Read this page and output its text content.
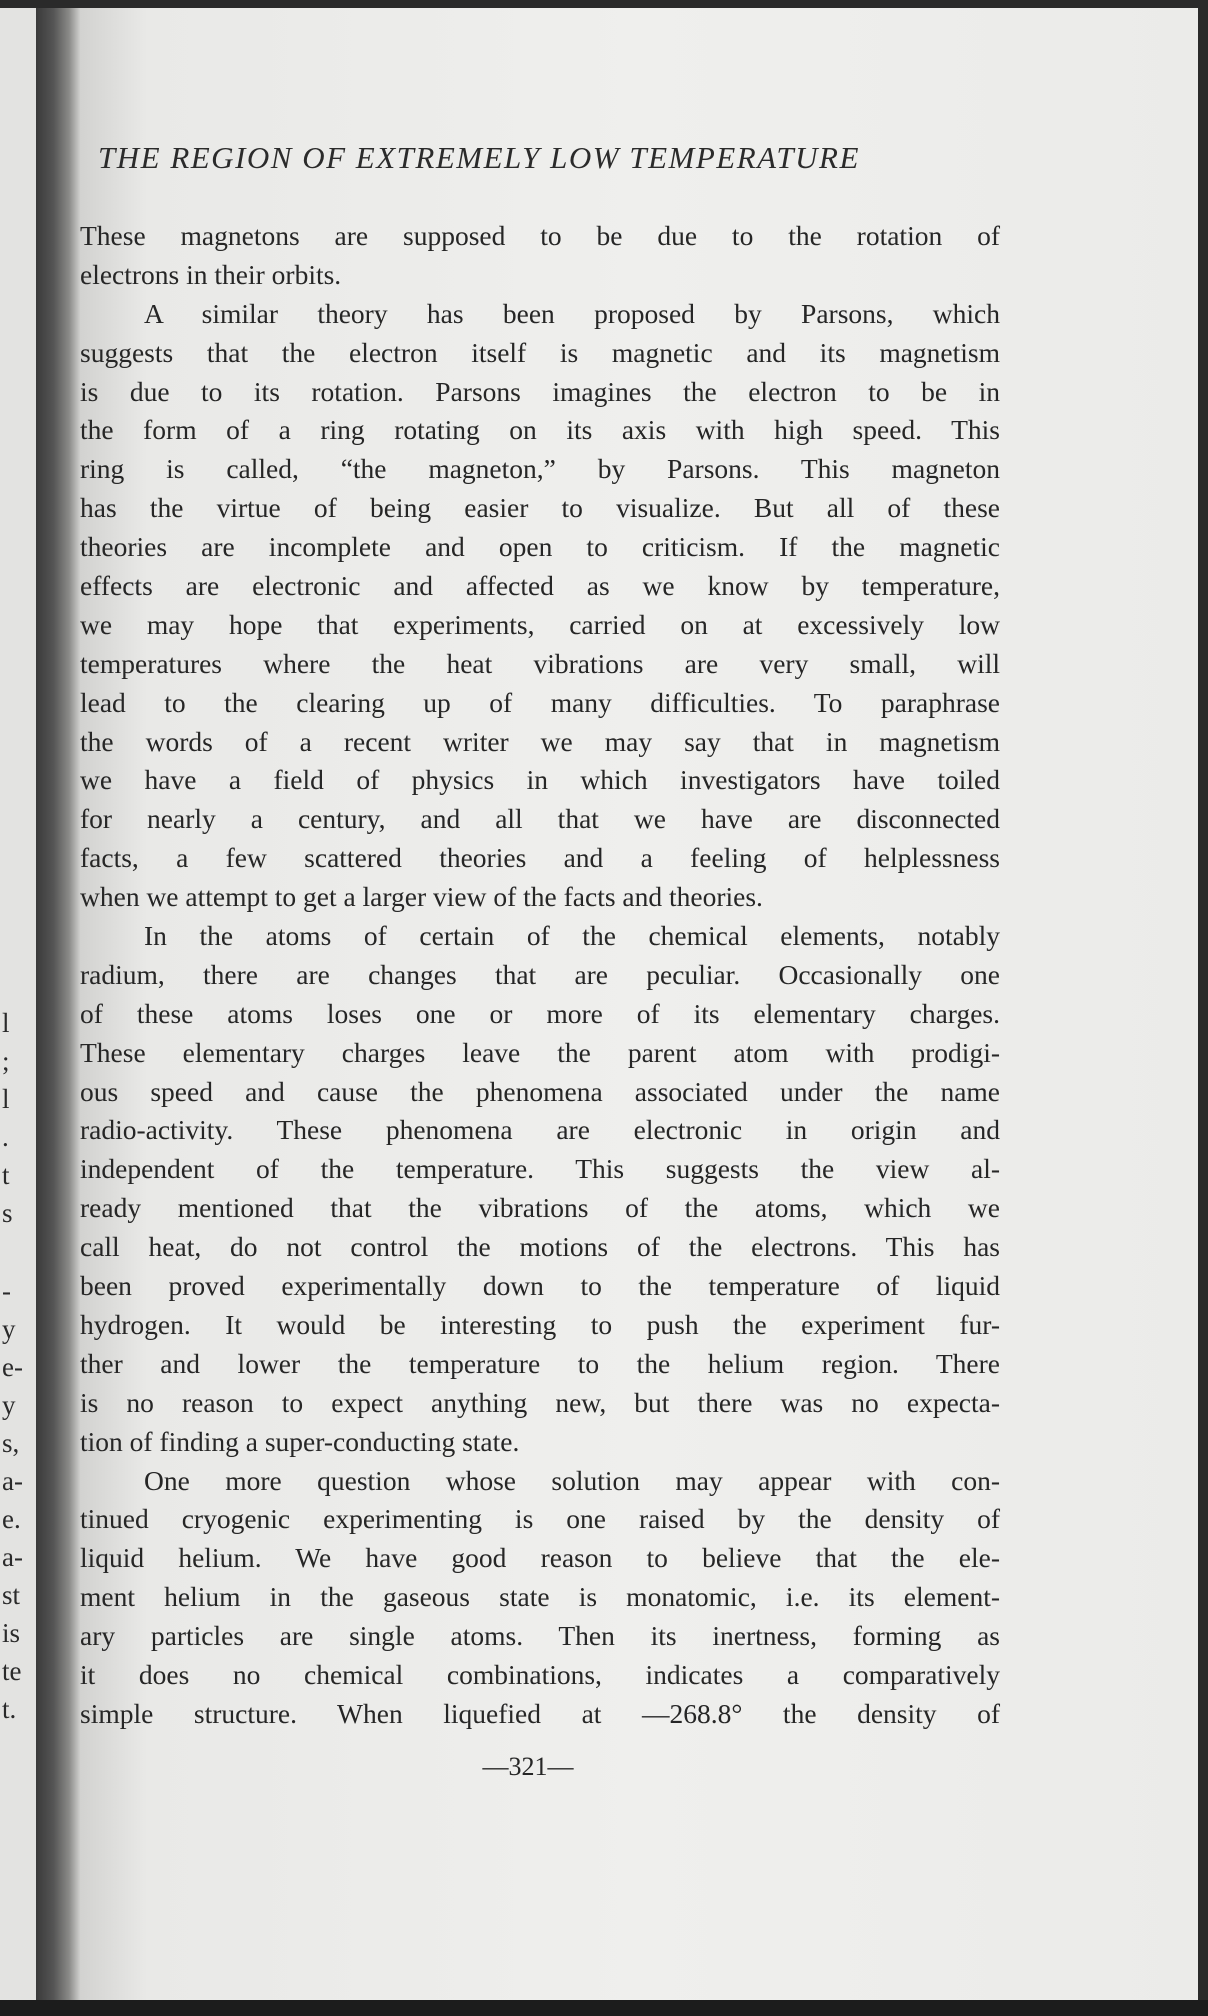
l
;
l
.
t
s
-
y
e-
y
s,
a-
e.
a-
st
is
te
t.
THE REGION OF EXTREMELY LOW TEMPERATURE
These magnetons are supposed to be due to the rotation of
electrons in their orbits.
A similar theory has been proposed by Parsons, which
suggests that the electron itself is magnetic and its magnetism
is due to its rotation. Parsons imagines the electron to be in
the form of a ring rotating on its axis with high speed. This
ring is called, “the magneton,” by Parsons. This magneton
has the virtue of being easier to visualize. But all of these
theories are incomplete and open to criticism. If the magnetic
effects are electronic and affected as we know by temperature,
we may hope that experiments, carried on at excessively low
temperatures where the heat vibrations are very small, will
lead to the clearing up of many difficulties. To paraphrase
the words of a recent writer we may say that in magnetism
we have a field of physics in which investigators have toiled
for nearly a century, and all that we have are disconnected
facts, a few scattered theories and a feeling of helplessness
when we attempt to get a larger view of the facts and theories.
In the atoms of certain of the chemical elements, notably
radium, there are changes that are peculiar. Occasionally one
of these atoms loses one or more of its elementary charges.
These elementary charges leave the parent atom with prodigi-
ous speed and cause the phenomena associated under the name
radio-activity. These phenomena are electronic in origin and
independent of the temperature. This suggests the view al-
ready mentioned that the vibrations of the atoms, which we
call heat, do not control the motions of the electrons. This has
been proved experimentally down to the temperature of liquid
hydrogen. It would be interesting to push the experiment fur-
ther and lower the temperature to the helium region. There
is no reason to expect anything new, but there was no expecta-
tion of finding a super-conducting state.
One more question whose solution may appear with con-
tinued cryogenic experimenting is one raised by the density of
liquid helium. We have good reason to believe that the ele-
ment helium in the gaseous state is monatomic, i.e. its element-
ary particles are single atoms. Then its inertness, forming as
it does no chemical combinations, indicates a comparatively
simple structure. When liquefied at —268.8° the density of
—321—
